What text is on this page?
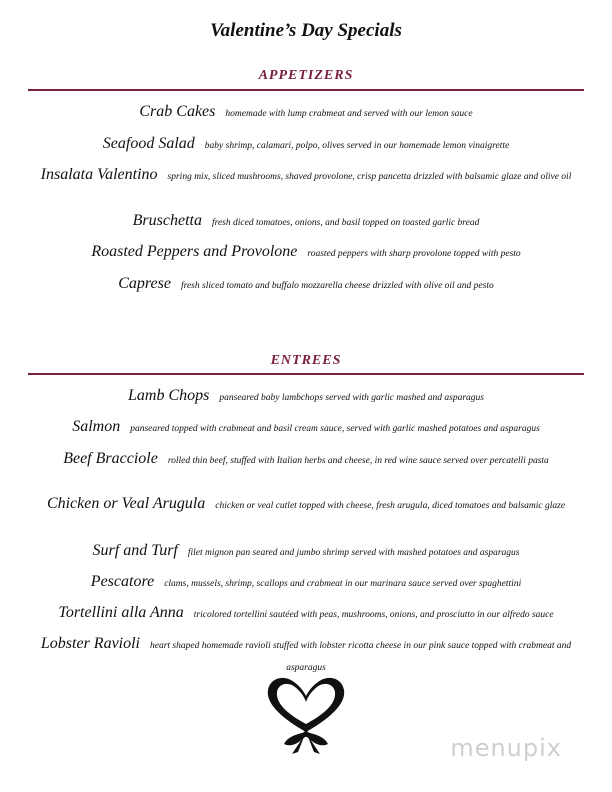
Valentine’s Day Specials
APPETIZERS
Crab Cakes homemade with lump crabmeat and served with our lemon sauce
Seafood Salad baby shrimp, calamari, polpo, olives served in our homemade lemon vinaigrette
Insalata Valentino spring mix, sliced mushrooms, shaved provolone, crisp pancetta drizzled with balsamic glaze and olive oil
Bruschetta fresh diced tomatoes, onions, and basil topped on toasted garlic bread
Roasted Peppers and Provolone roasted peppers with sharp provolone topped with pesto
Caprese fresh sliced tomato and buffalo mozzarella cheese drizzled with olive oil and pesto
ENTREES
Lamb Chops panseared baby lambchops served with garlic mashed and asparagus
Salmon panseared topped with crabmeat and basil cream sauce, served with garlic mashed potatoes and asparagus
Beef Bracciole rolled thin beef, stuffed with Italian herbs and cheese, in red wine sauce served over percatelli pasta
Chicken or Veal Arugula chicken or veal cutlet topped with cheese, fresh arugula, diced tomatoes and balsamic glaze
Surf and Turf filet mignon pan seared and jumbo shrimp served with mashed potatoes and asparagus
Pescatore clams, mussels, shrimp, scallops and crabmeat in our marinara sauce served over spaghettini
Tortellini alla Anna tricolored tortellini sautéed with peas, mushrooms, onions, and prosciutto in our alfredo sauce
Lobster Ravioli heart shaped homemade ravioli stuffed with lobster ricotta cheese in our pink sauce topped with crabmeat and asparagus
menupix
